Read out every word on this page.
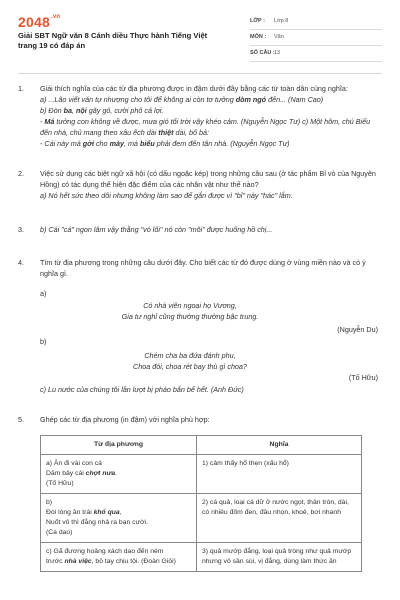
$2048^{.vn}$
Giải SBT Ngữ văn 8 Cánh diều Thực hành Tiếng Việt trang 19 có đáp án
LỚP : Lớp 8
MÔN : Văn
SỐ CÂU : 13
1. Giải thích nghĩa của các từ địa phương được in đậm dưới đây bằng các từ toàn dân cùng nghĩa:

a) ...Lão viết văn tự nhượng cho tôi để không ai còn tơ tưởng dòm ngó đến... (Nam Cao)

b) Đòn ba, nội gãy gỏ, cười phô cả lợi.

- Má tưởng con không về được, mưa gió tối trời vậy khéo cảm. (Nguyễn Ngọc Tư) c) Một hôm, chú Biểu đến nhà, chủ mang theo xâu ếch dài thiệt dài, bố bả:

- Cái này má gởi cho mày, má biểu phải đem đến tận nhà. (Nguyễn Ngọc Tư)

2. Việc sử dụng các biệt ngữ xã hội (có dấu ngoặc kép) trong những câu sau (ở tác phẩm Bỉ vỏ của Nguyên Hồng) có tác dụng thể hiện đặc điểm của các nhân vật như thế nào?

a) Nó hết sức theo dõi nhưng không làm sao để gắn được vì "bỉ" này "hác" lắm.

3. b) Cái "cá" ngon lăm vậy thằng "vó lôi" nó còn "mõi" được huống hồ chị...

4. Tìm từ địa phương trong những câu dưới đây. Cho biết các từ đó được dùng ở vùng miền nào và có ý nghĩa gì.

a)

Có nhà viên ngoại họ Vương,

Gia tư nghỉ cũng thường thường bậc trung.

(Nguyễn Du)

b)

Chém cha ba đứa đánh phu,

Choa đói, choa rét bay thù gì choa?

(Tố Hữu)

c) Lu nước của chúng tôi lần lượt bị pháo bắn bể hết. (Anh Đức)

5. Ghép các từ địa phương (in đậm) với nghĩa phù hợp:

Từ địa phương	Nghĩa

a) Ăn đi vài con cá
Dăm bảy cái chợt nưa.
(Tố Hữu)	1) cảm thấy hổ thẹn (xấu hổ)

b)
Đói lòng ăn trái khổ qua,
Nuốt vô thì đắng nhả ra bạn cười.
(Ca dao)	2) cá quả, loại cá dữ ở nước ngọt, thân tròn, dài, có nhiều đốm đen, đầu nhọn, khoẻ, bơi nhanh

c) Gã đương hoảng xách dao đến ném
trước nhà việc, bỏ tay chịu tội. (Đoàn Giỏi)	3) quả mướp đắng, loại quả tròng như quả mướp nhưng vỏ sần sùi, vị đắng, dùng làm thức ăn
